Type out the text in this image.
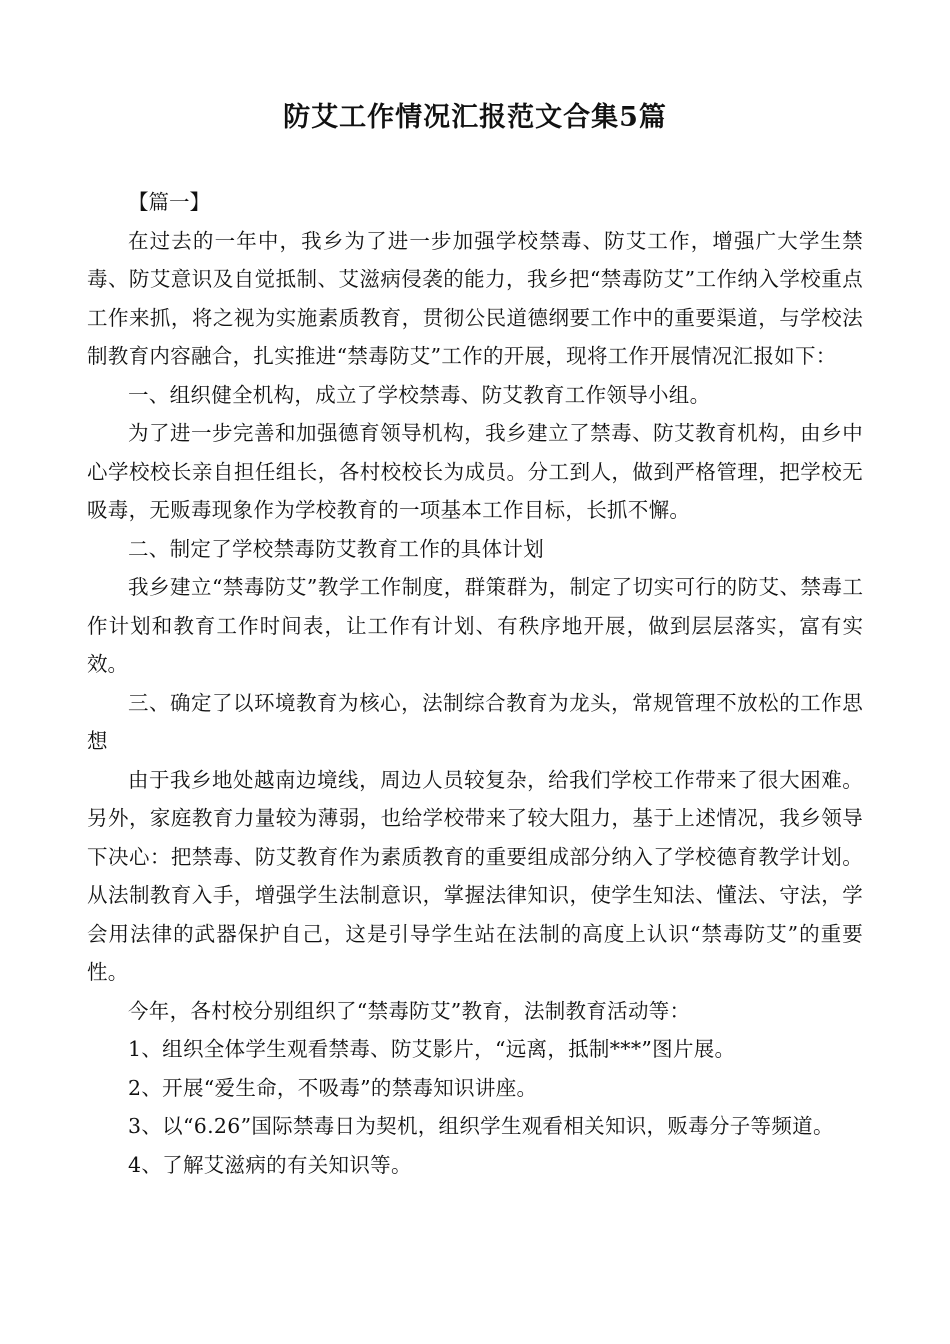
防艾工作情况汇报范文合集5篇

【篇一】

在过去的一年中，我乡为了进一步加强学校禁毒、防艾工作，增强广大学生禁毒、防艾意识及自觉抵制、艾滋病侵袭的能力，我乡把“禁毒防艾”工作纳入学校重点工作来抓，将之视为实施素质教育，贯彻公民道德纲要工作中的重要渠道，与学校法制教育内容融合，扎实推进“禁毒防艾”工作的开展，现将工作开展情况汇报如下：

一、组织健全机构，成立了学校禁毒、防艾教育工作领导小组。

为了进一步完善和加强德育领导机构，我乡建立了禁毒、防艾教育机构，由乡中心学校校长亲自担任组长，各村校校长为成员。分工到人，做到严格管理，把学校无吸毒，无贩毒现象作为学校教育的一项基本工作目标，长抓不懈。

二、制定了学校禁毒防艾教育工作的具体计划

我乡建立“禁毒防艾”教学工作制度，群策群为，制定了切实可行的防艾、禁毒工作计划和教育工作时间表，让工作有计划、有秩序地开展，做到层层落实，富有实效。

三、确定了以环境教育为核心，法制综合教育为龙头，常规管理不放松的工作思想

由于我乡地处越南边境线，周边人员较复杂，给我们学校工作带来了很大困难。另外，家庭教育力量较为薄弱，也给学校带来了较大阻力，基于上述情况，我乡领导下决心：把禁毒、防艾教育作为素质教育的重要组成部分纳入了学校德育教学计划。从法制教育入手，增强学生法制意识，掌握法律知识，使学生知法、懂法、守法，学会用法律的武器保护自己，这是引导学生站在法制的高度上认识“禁毒防艾”的重要性。

今年，各村校分别组织了“禁毒防艾”教育，法制教育活动等：

1、组织全体学生观看禁毒、防艾影片，“远离，抵制***”图片展。

2、开展“爱生命，不吸毒”的禁毒知识讲座。

3、以“6.26”国际禁毒日为契机，组织学生观看相关知识，贩毒分子等频道。

4、了解艾滋病的有关知识等。
